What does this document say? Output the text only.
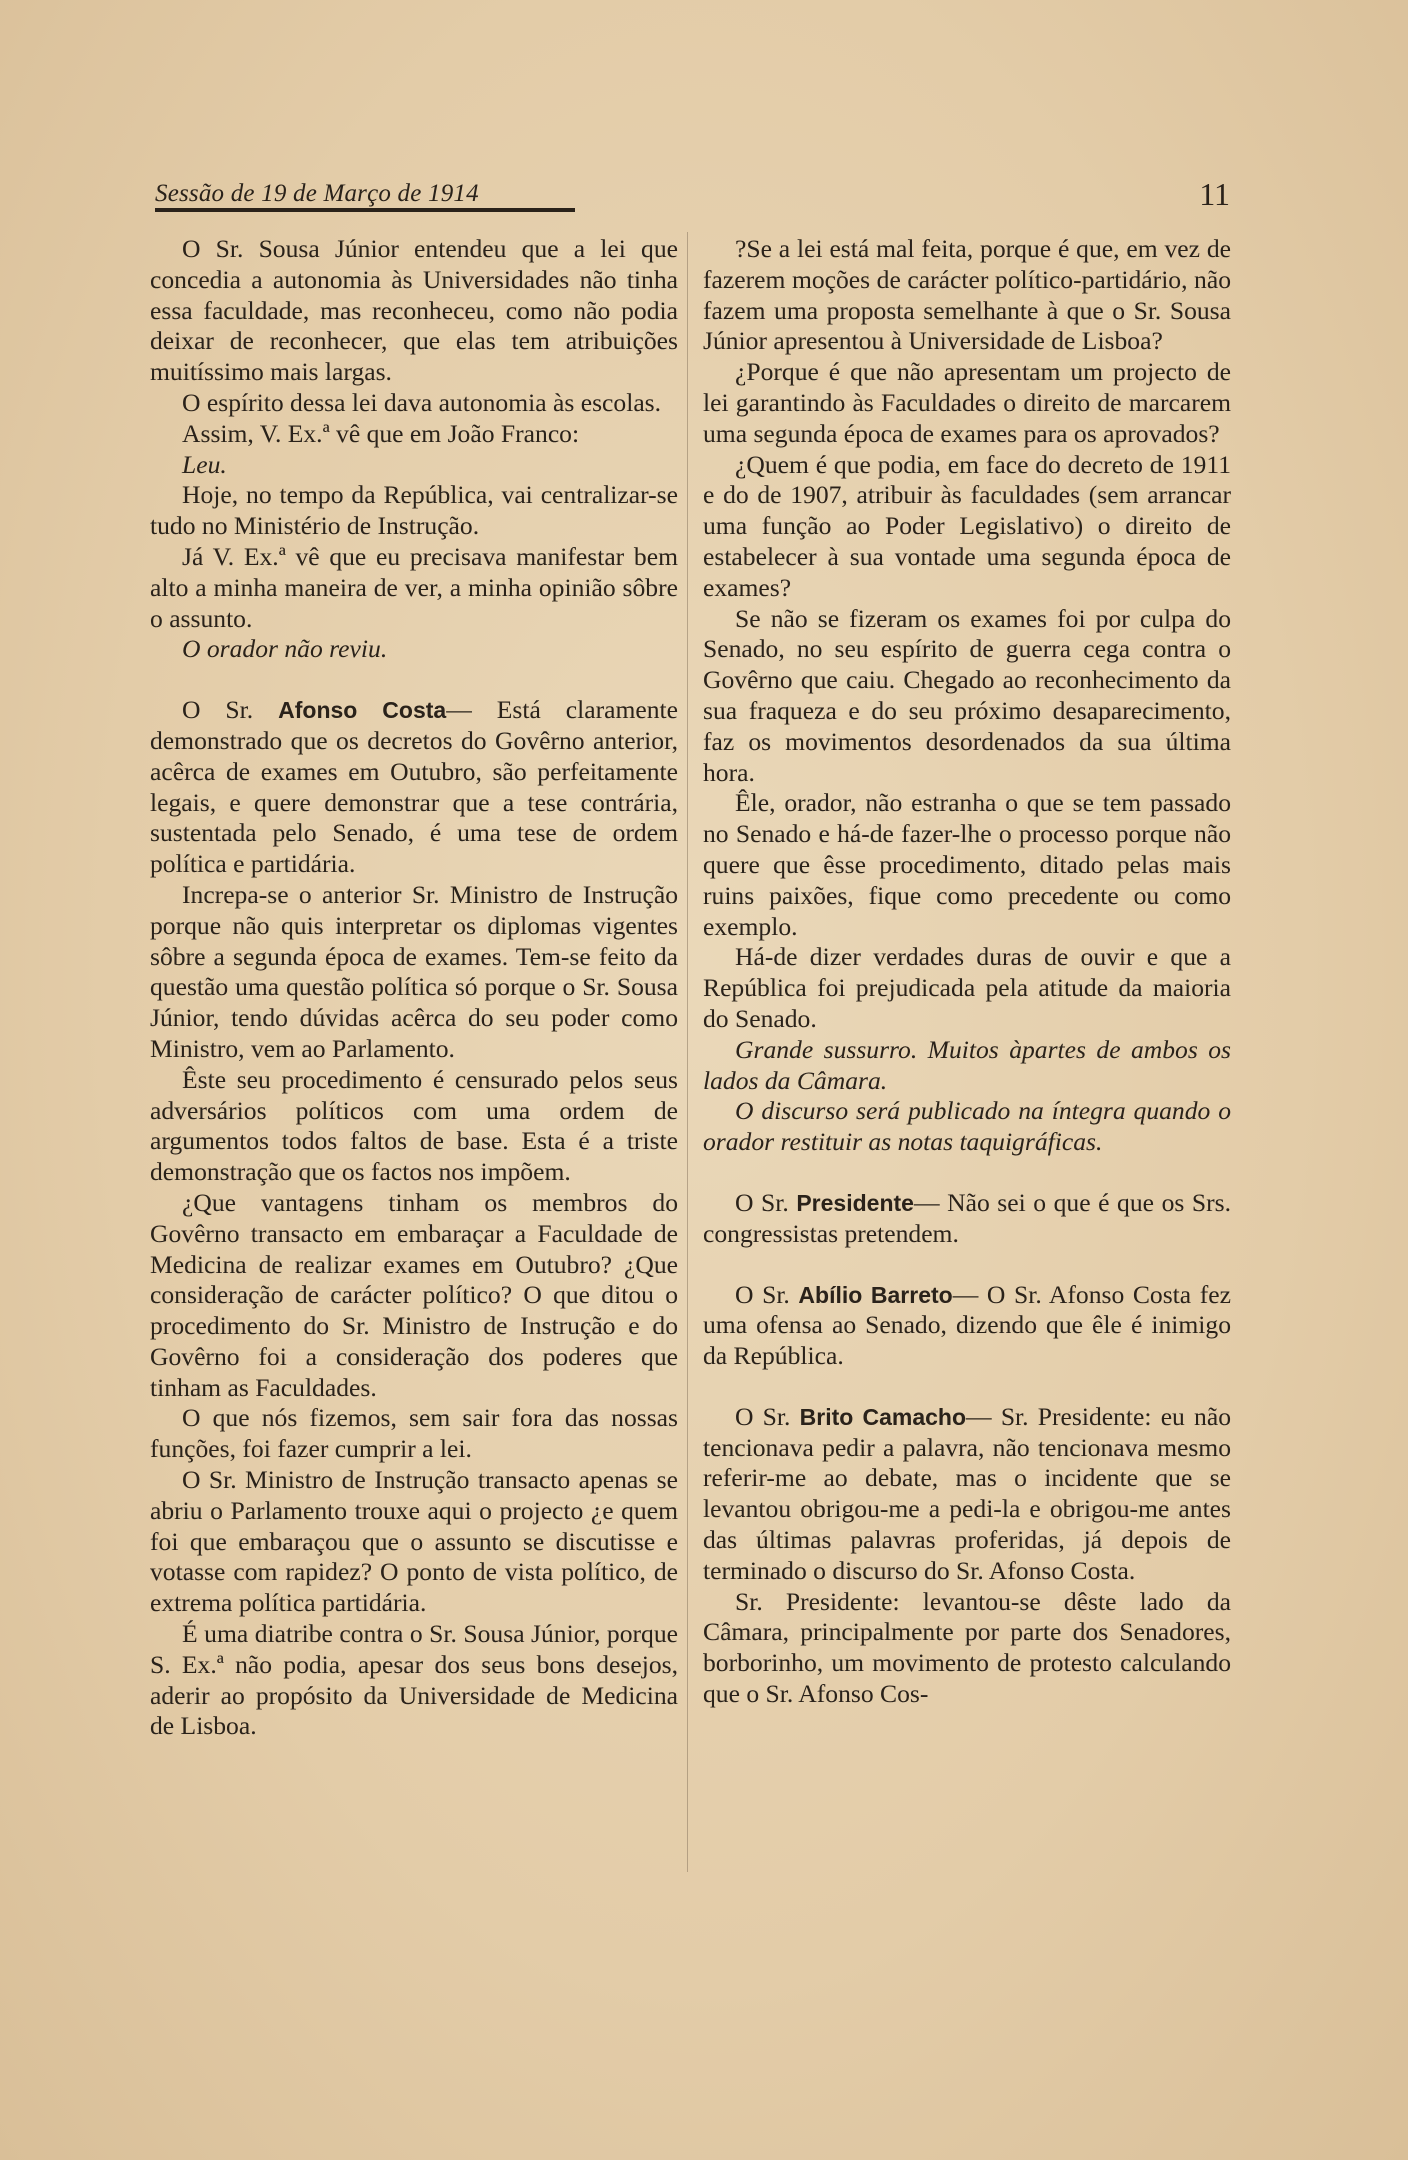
Sessão de 19 de Março de 1914	11

O Sr. Sousa Júnior entendeu que a lei que concedia a autonomia às Universidades não tinha essa faculdade, mas reconheceu, como não podia deixar de reconhecer, que elas tem atribuições muitíssimo mais largas.

O espírito dessa lei dava autonomia às escolas.

Assim, V. Ex.ª vê que em João Franco:

Leu.

Hoje, no tempo da República, vai centralizar-se tudo no Ministério de Instrução.

Já V. Ex.ª vê que eu precisava manifestar bem alto a minha maneira de ver, a minha opinião sôbre o assunto.

O orador não reviu.

O Sr. Afonso Costa— Está claramente demonstrado que os decretos do Govêrno anterior, acêrca de exames em Outubro, são perfeitamente legais, e quere demonstrar que a tese contrária, sustentada pelo Senado, é uma tese de ordem política e partidária.

Increpa-se o anterior Sr. Ministro de Instrução porque não quis interpretar os diplomas vigentes sôbre a segunda época de exames. Tem-se feito da questão uma questão política só porque o Sr. Sousa Júnior, tendo dúvidas acêrca do seu poder como Ministro, vem ao Parlamento.

Êste seu procedimento é censurado pelos seus adversários políticos com uma ordem de argumentos todos faltos de base. Esta é a triste demonstração que os factos nos impõem.

¿Que vantagens tinham os membros do Govêrno transacto em embaraçar a Faculdade de Medicina de realizar exames em Outubro? ¿Que consideração de carácter político? O que ditou o procedimento do Sr. Ministro de Instrução e do Govêrno foi a consideração dos poderes que tinham as Faculdades.

O que nós fizemos, sem sair fora das nossas funções, foi fazer cumprir a lei.

O Sr. Ministro de Instrução transacto apenas se abriu o Parlamento trouxe aqui o projecto ¿e quem foi que embaraçou que o assunto se discutisse e votasse com rapidez? O ponto de vista político, de extrema política partidária.

É uma diatribe contra o Sr. Sousa Júnior, porque S. Ex.ª não podia, apesar dos seus bons desejos, aderir ao propósito da Universidade de Medicina de Lisboa.

?Se a lei está mal feita, porque é que, em vez de fazerem moções de carácter político-partidário, não fazem uma proposta semelhante à que o Sr. Sousa Júnior apresentou à Universidade de Lisboa?

¿Porque é que não apresentam um projecto de lei garantindo às Faculdades o direito de marcarem uma segunda época de exames para os aprovados?

¿Quem é que podia, em face do decreto de 1911 e do de 1907, atribuir às faculdades (sem arrancar uma função ao Poder Legislativo) o direito de estabelecer à sua vontade uma segunda época de exames?

Se não se fizeram os exames foi por culpa do Senado, no seu espírito de guerra cega contra o Govêrno que caiu. Chegado ao reconhecimento da sua fraqueza e do seu próximo desaparecimento, faz os movimentos desordenados da sua última hora.

Êle, orador, não estranha o que se tem passado no Senado e há-de fazer-lhe o processo porque não quere que êsse procedimento, ditado pelas mais ruins paixões, fique como precedente ou como exemplo.

Há-de dizer verdades duras de ouvir e que a República foi prejudicada pela atitude da maioria do Senado.

Grande sussurro. Muitos àpartes de ambos os lados da Câmara.

O discurso será publicado na íntegra quando o orador restituir as notas taquigráficas.

O Sr. Presidente— Não sei o que é que os Srs. congressistas pretendem.

O Sr. Abílio Barreto— O Sr. Afonso Costa fez uma ofensa ao Senado, dizendo que êle é inimigo da República.

O Sr. Brito Camacho— Sr. Presidente: eu não tencionava pedir a palavra, não tencionava mesmo referir-me ao debate, mas o incidente que se levantou obrigou-me a pedi-la e obrigou-me antes das últimas palavras proferidas, já depois de terminado o discurso do Sr. Afonso Costa.

Sr. Presidente: levantou-se dêste lado da Câmara, principalmente por parte dos Senadores, borborinho, um movimento de protesto calculando que o Sr. Afonso Cos-
